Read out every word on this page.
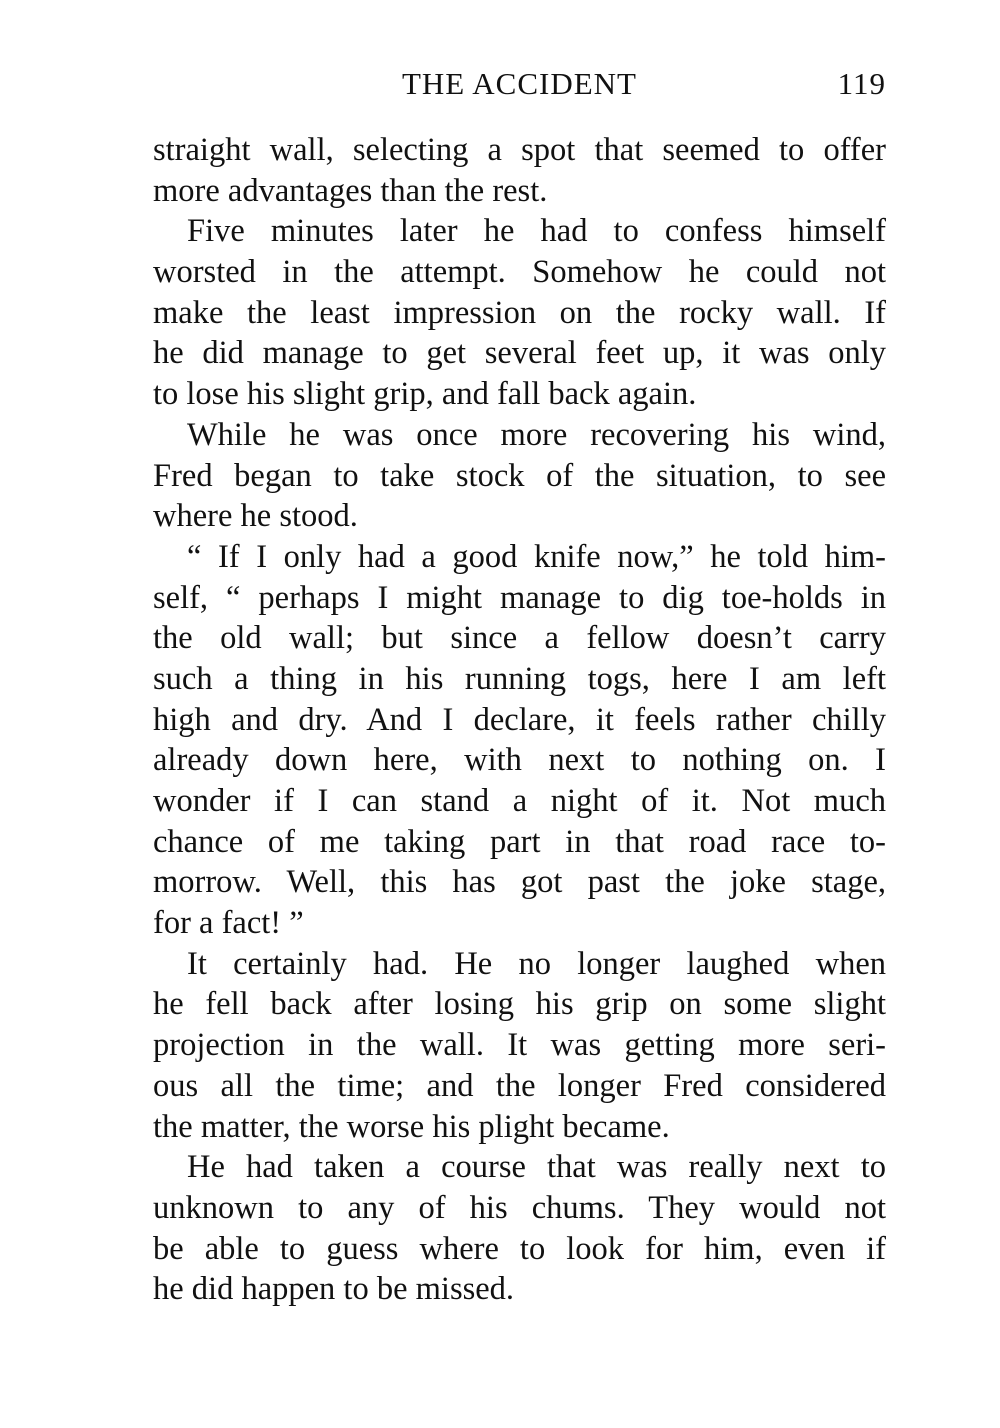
THE ACCIDENT	119
straight wall, selecting a spot that seemed to offer
more advantages than the rest.
Five minutes later he had to confess himself
worsted in the attempt. Somehow he could not
make the least impression on the rocky wall. If
he did manage to get several feet up, it was only
to lose his slight grip, and fall back again.
While he was once more recovering his wind,
Fred began to take stock of the situation, to see
where he stood.
“ If I only had a good knife now,” he told him-
self, “ perhaps I might manage to dig toe-holds in
the old wall; but since a fellow doesn’t carry
such a thing in his running togs, here I am left
high and dry. And I declare, it feels rather chilly
already down here, with next to nothing on. I
wonder if I can stand a night of it. Not much
chance of me taking part in that road race to-
morrow. Well, this has got past the joke stage,
for a fact! ”
It certainly had. He no longer laughed when
he fell back after losing his grip on some slight
projection in the wall. It was getting more seri-
ous all the time; and the longer Fred considered
the matter, the worse his plight became.
He had taken a course that was really next to
unknown to any of his chums. They would not
be able to guess where to look for him, even if
he did happen to be missed.
